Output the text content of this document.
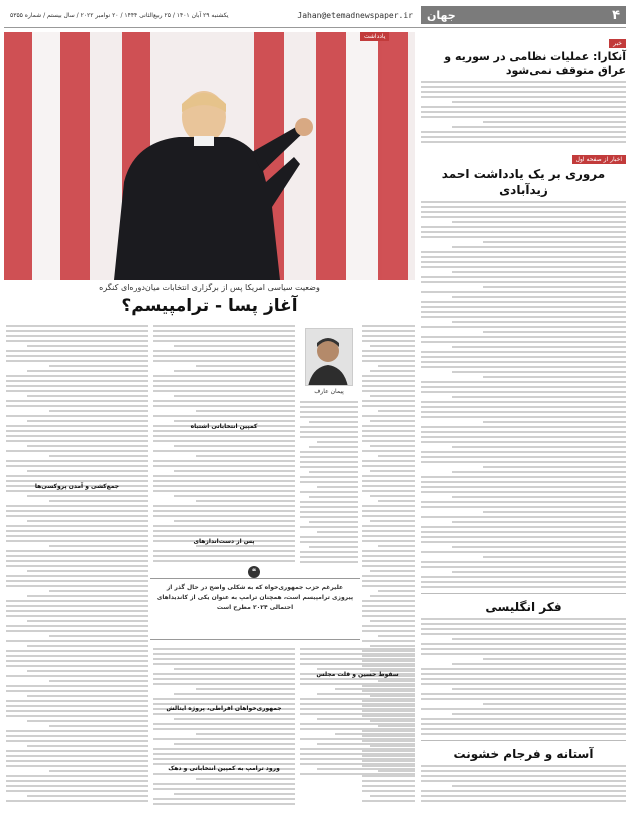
۴
جهان
Jahan@etemadnewspaper.ir
یکشنبه ۲۹ آبان ۱۴۰۱ / ۲۵ ربیع‌الثانی ۱۴۴۴ / ۲۰ نوامبر ۲۰۲۲ / سال بیستم / شماره ۵۳۵۵
خبر
آنکارا: عملیات نظامی در سوریه و عراق متوقف نمی‌شود
اخبار از صفحه اول
مروری بر یک یادداشت احمد زیدآبادی
فکر انگلیسی
آستانه و فرجام خشونت
یادداشت
وضعیت سیاسی امریکا پس از برگزاری انتخابات میان‌دوره‌ای کنگره
آغاز پسا - ترامپیسم؟
پیمان عارف
کمپین انتخاباتی اشتباه
پس از دست‌اندازهای
جمهوری‌خواهان افراطی، پروژه ایتالش
ورود ترامپ به کمپین انتخاباتی و دهک
سقوط حسین و قلت مجلس
جمع‌کشی و آمدن پروکسی‌ها
❝
علیرغم حزب جمهوری‌خواه که به شکلی واضح در حال گذر از پیروزی ترامپیسم است، همچنان ترامپ به عنوان یکی از کاندیداهای احتمالی ۲۰۲۴ مطرح است
